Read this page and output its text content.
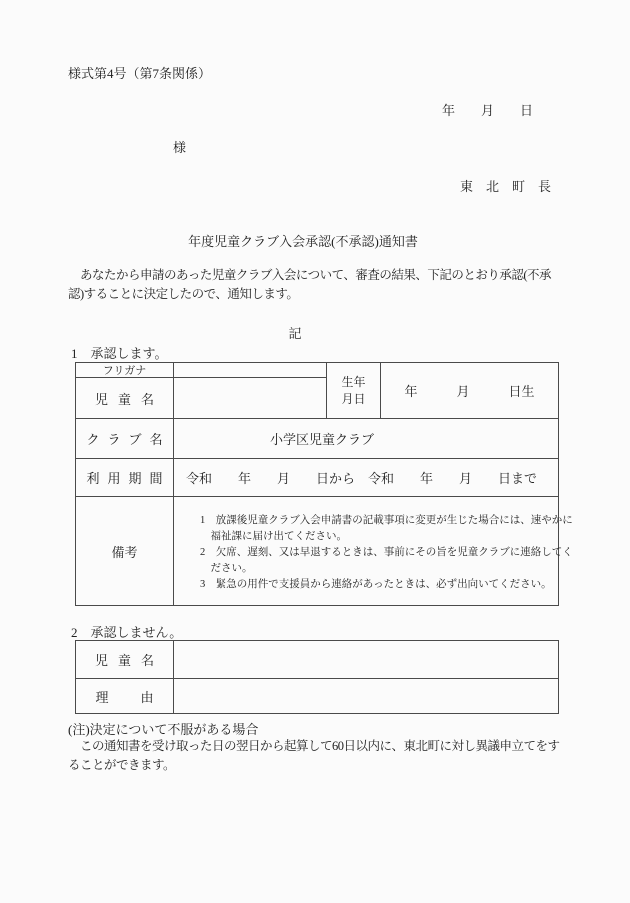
様式第4号（第7条関係）
年　　月　　日
様
東　北　町　長
年度児童クラブ入会承認(不承認)通知書
　あなたから申請のあった児童クラブ入会について、審査の結果、下記のとおり承認(不承認)することに決定したので、通知します。
記
1　承認します。
フリガナ
生年
月日	年　　　月　　　日生
児童名
クラブ名	小学区児童クラブ
利用期間 令和　　年　　月　　日から　令和　　年　　月　　日まで
備考
1　放課後児童クラブ入会申請書の記載事項に変更が生じた場合には、速やかに
　福祉課に届け出てください。
2　欠席、遅刻、又は早退するときは、事前にその旨を児童クラブに連絡してく
　ださい。
3　緊急の用件で支援員から連絡があったときは、必ず出向いてください。
2　承認しません。
児童名
理由
(注)決定について不服がある場合
　この通知書を受け取った日の翌日から起算して60日以内に、東北町に対し異議申立てをすることができます。
